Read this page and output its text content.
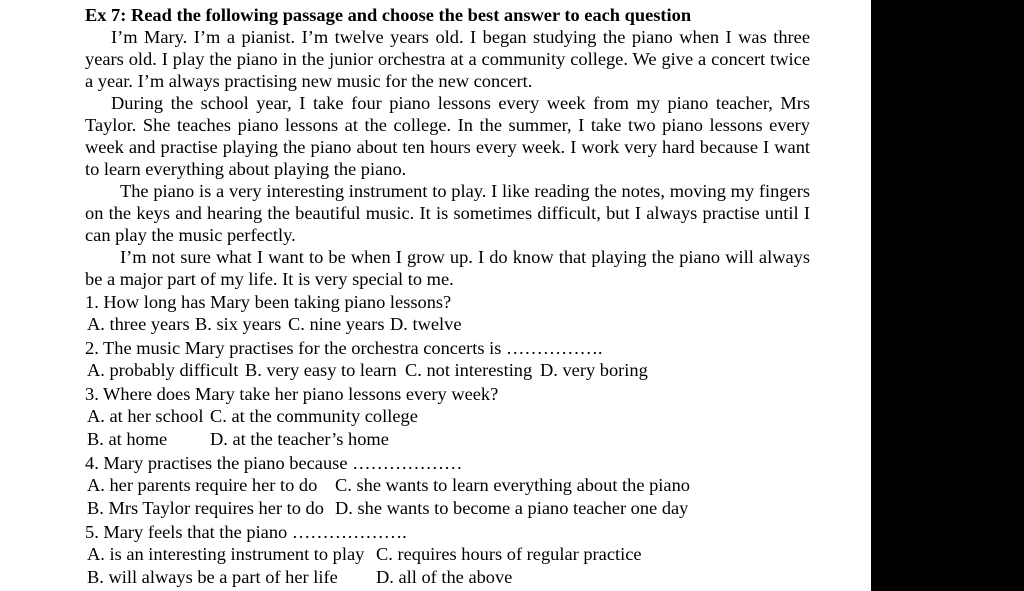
Ex 7: Read the following passage and choose the best answer to each question

I’m Mary. I’m a pianist. I’m twelve years old. I began studying the piano when I was three years old. I play the piano in the junior orchestra at a community college. We give a concert twice a year. I’m always practising new music for the new concert.

During the school year, I take four piano lessons every week from my piano teacher, Mrs Taylor. She teaches piano lessons at the college. In the summer, I take two piano lessons every week and practise playing the piano about ten hours every week. I work very hard because I want to learn everything about playing the piano.

The piano is a very interesting instrument to play. I like reading the notes, moving my fingers on the keys and hearing the beautiful music. It is sometimes difficult, but I always practise until I can play the music perfectly.

I’m not sure what I want to be when I grow up. I do know that playing the piano will always be a major part of my life. It is very special to me.

1. How long has Mary been taking piano lessons?
A. three years B. six years C. nine years D. twelve
2. The music Mary practises for the orchestra concerts is …………….
A. probably difficult B. very easy to learn C. not interesting D. very boring
3. Where does Mary take her piano lessons every week?
A. at her school C. at the community college
B. at home D. at the teacher’s home
4. Mary practises the piano because ………………
A. her parents require her to do C. she wants to learn everything about the piano
B. Mrs Taylor requires her to do D. she wants to become a piano teacher one day
5. Mary feels that the piano ……………….
A. is an interesting instrument to play C. requires hours of regular practice
B. will always be a part of her life D. all of the above
